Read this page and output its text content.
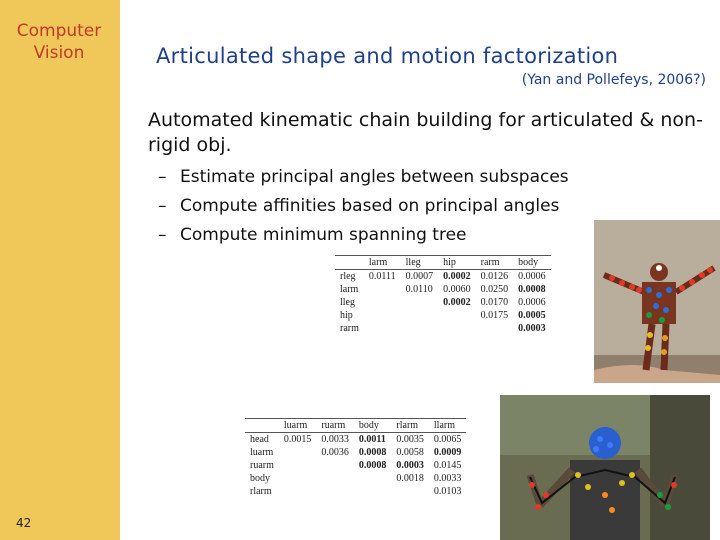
Computer
Vision
42
Articulated shape and motion factorization
(Yan and Pollefeys, 2006?)
Automated kinematic chain building for articulated & non-rigid obj.
– Estimate principal angles between subspaces
– Compute affinities based on principal angles
– Compute minimum spanning tree
	larm	lleg	hip	rarm	body
rleg	0.0111	0.0007	0.0002	0.0126	0.0006
larm		0.0110	0.0060	0.0250	0.0008
lleg			0.0002	0.0170	0.0006
hip				0.0175	0.0005
rarm					0.0003
	luarm	ruarm	body	rlarm	llarm
head	0.0015	0.0033	0.0011	0.0035	0.0065
luarm		0.0036	0.0008	0.0058	0.0009
ruarm			0.0008	0.0003	0.0145
body				0.0018	0.0033
rlarm					0.0103
